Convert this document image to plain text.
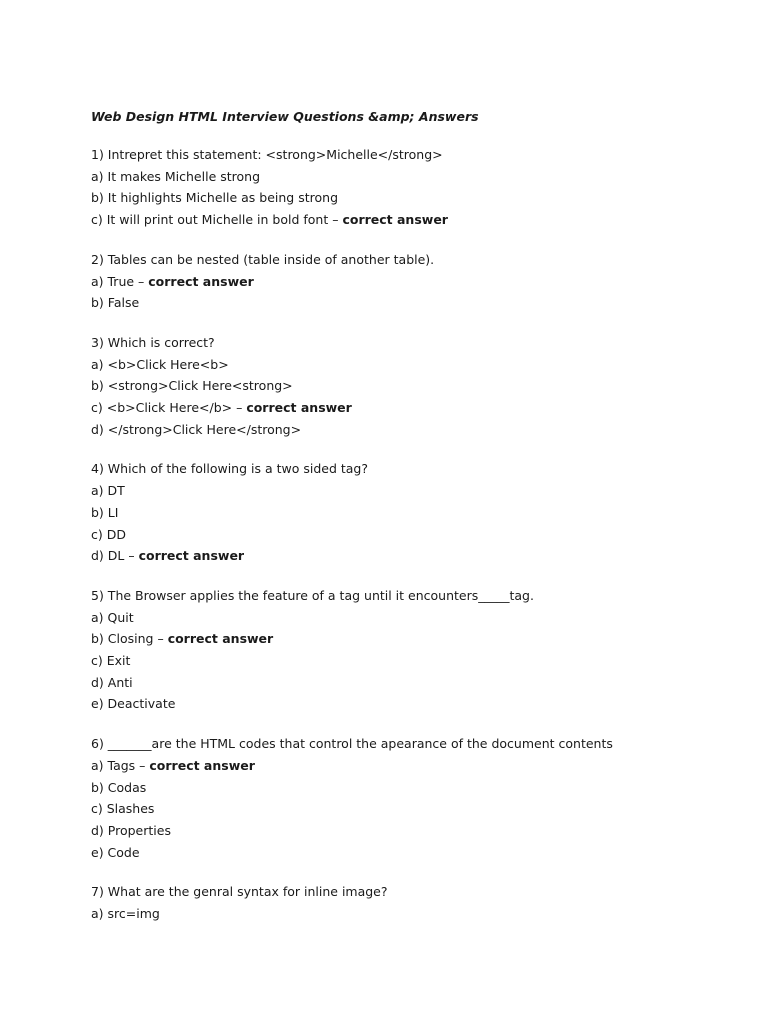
Web Design HTML Interview Questions &amp; Answers
1) Intrepret this statement: <strong>Michelle</strong>
a) It makes Michelle strong
b) It highlights Michelle as being strong
c) It will print out Michelle in bold font – correct answer
2) Tables can be nested (table inside of another table).
a) True – correct answer
b) False
3) Which is correct?
a) <b>Click Here<b>
b) <strong>Click Here<strong>
c) <b>Click Here</b> – correct answer
d) </strong>Click Here</strong>
4) Which of the following is a two sided tag?
a) DT
b) LI
c) DD
d) DL – correct answer
5) The Browser applies the feature of a tag until it encounters_____tag.
a) Quit
b) Closing – correct answer
c) Exit
d) Anti
e) Deactivate
6) _______are the HTML codes that control the apearance of the document contents
a) Tags – correct answer
b) Codas
c) Slashes
d) Properties
e) Code
7) What are the genral syntax for inline image?
a) src=img
